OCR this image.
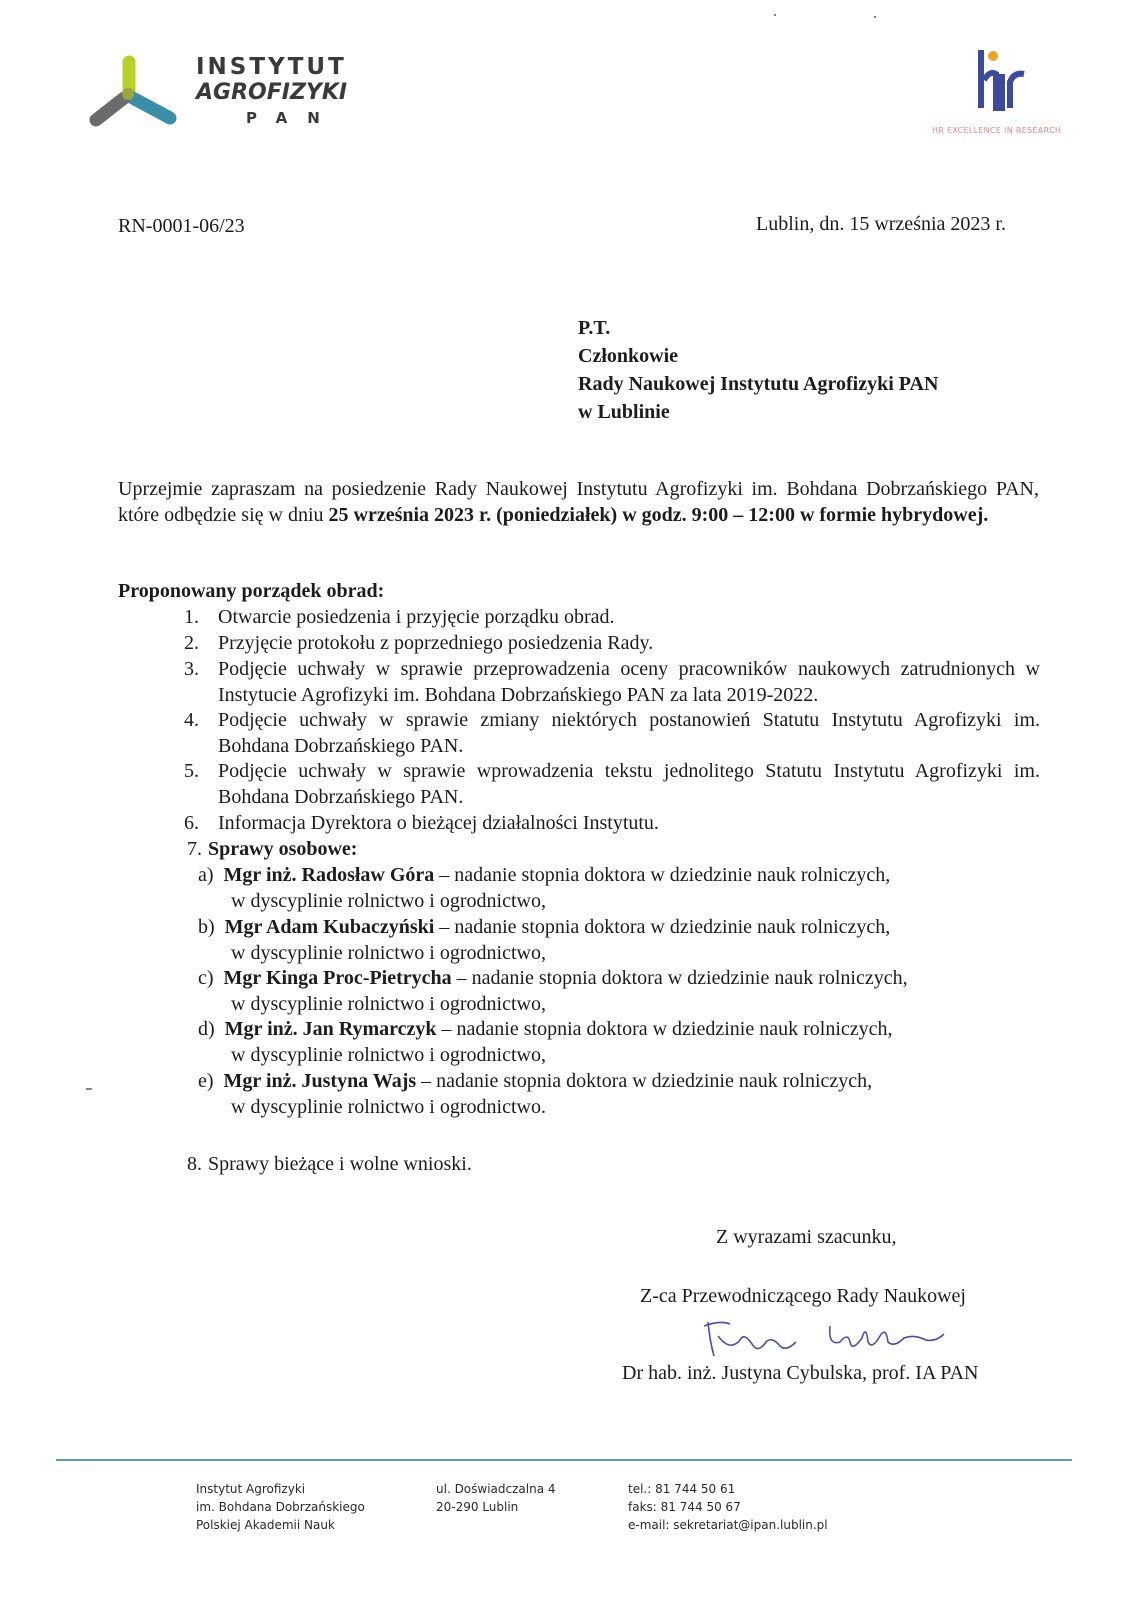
INSTYTUT
AGROFIZYKI
PAN
HR EXCELLENCE IN RESEARCH
RN-0001-06/23	Lublin, dn. 15 września 2023 r.
P.T.
Członkowie
Rady Naukowej Instytutu Agrofizyki PAN
w Lublinie
Uprzejmie zapraszam na posiedzenie Rady Naukowej Instytutu Agrofizyki im. Bohdana Dobrzańskiego PAN, które odbędzie się w dniu 25 września 2023 r. (poniedziałek) w godz. 9:00 – 12:00 w formie hybrydowej.
Proponowany porządek obrad:
1. Otwarcie posiedzenia i przyjęcie porządku obrad.
2. Przyjęcie protokołu z poprzedniego posiedzenia Rady.
3. Podjęcie uchwały w sprawie przeprowadzenia oceny pracowników naukowych zatrudnionych w Instytucie Agrofizyki im. Bohdana Dobrzańskiego PAN za lata 2019-2022.
4. Podjęcie uchwały w sprawie zmiany niektórych postanowień Statutu Instytutu Agrofizyki im. Bohdana Dobrzańskiego PAN.
5. Podjęcie uchwały w sprawie wprowadzenia tekstu jednolitego Statutu Instytutu Agrofizyki im. Bohdana Dobrzańskiego PAN.
6. Informacja Dyrektora o bieżącej działalności Instytutu.
7. Sprawy osobowe:
a) Mgr inż. Radosław Góra – nadanie stopnia doktora w dziedzinie nauk rolniczych,
w dyscyplinie rolnictwo i ogrodnictwo,
b) Mgr Adam Kubaczyński – nadanie stopnia doktora w dziedzinie nauk rolniczych,
w dyscyplinie rolnictwo i ogrodnictwo,
c) Mgr Kinga Proc-Pietrycha – nadanie stopnia doktora w dziedzinie nauk rolniczych,
w dyscyplinie rolnictwo i ogrodnictwo,
d) Mgr inż. Jan Rymarczyk – nadanie stopnia doktora w dziedzinie nauk rolniczych,
w dyscyplinie rolnictwo i ogrodnictwo,
e) Mgr inż. Justyna Wajs – nadanie stopnia doktora w dziedzinie nauk rolniczych,
w dyscyplinie rolnictwo i ogrodnictwo.
8. Sprawy bieżące i wolne wnioski.
Z wyrazami szacunku,
Z-ca Przewodniczącego Rady Naukowej
Dr hab. inż. Justyna Cybulska, prof. IA PAN
Instytut Agrofizyki
im. Bohdana Dobrzańskiego
Polskiej Akademii Nauk
ul. Doświadczalna 4
20-290 Lublin
tel.: 81 744 50 61
faks: 81 744 50 67
e-mail: sekretariat@ipan.lublin.pl
